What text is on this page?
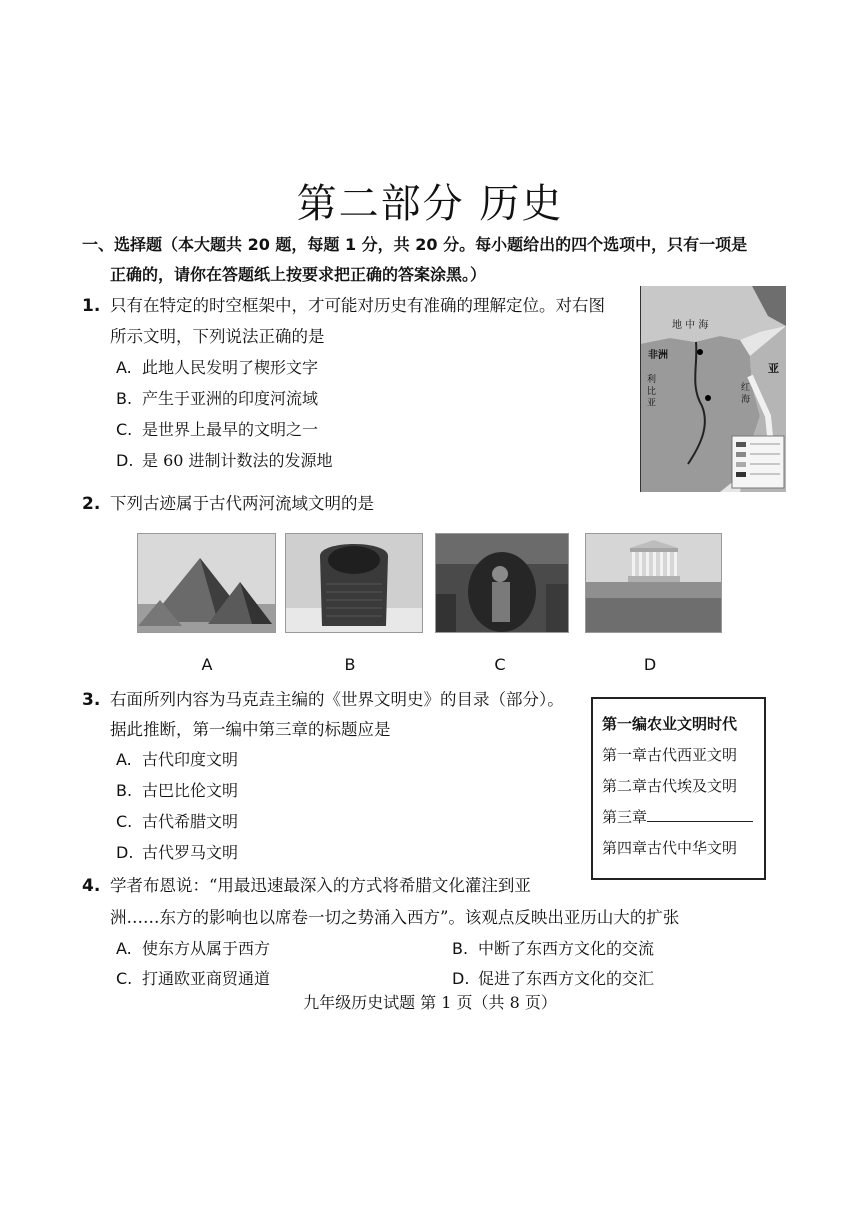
第二部分 历史
一、选择题（本大题共 20 题，每题 1 分，共 20 分。每小题给出的四个选项中，只有一项是
正确的，请你在答题纸上按要求把正确的答案涂黑。）
1. 只有在特定的时空框架中，才可能对历史有准确的理解定位。对右图
所示文明，下列说法正确的是
A. 此地人民发明了楔形文字
B. 产生于亚洲的印度河流域
C. 是世界上最早的文明之一
D. 是 60 进制计数法的发源地
地 中 海
非洲
利 比 亚
亚
红 海
2. 下列古迹属于古代两河流域文明的是
A	B	C	D
3. 右面所列内容为马克垚主编的《世界文明史》的目录（部分）。
据此推断，第一编中第三章的标题应是
A. 古代印度文明
B. 古巴比伦文明
C. 古代希腊文明
D. 古代罗马文明
第一编农业文明时代
第一章古代西亚文明
第二章古代埃及文明
第三章
第四章古代中华文明
4. 学者布恩说：“用最迅速最深入的方式将希腊文化灌注到亚
洲……东方的影响也以席卷一切之势涌入西方”。该观点反映出亚历山大的扩张
A. 使东方从属于西方	B. 中断了东西方文化的交流
C. 打通欧亚商贸通道	D. 促进了东西方文化的交汇
九年级历史试题 第 1 页（共 8 页）
